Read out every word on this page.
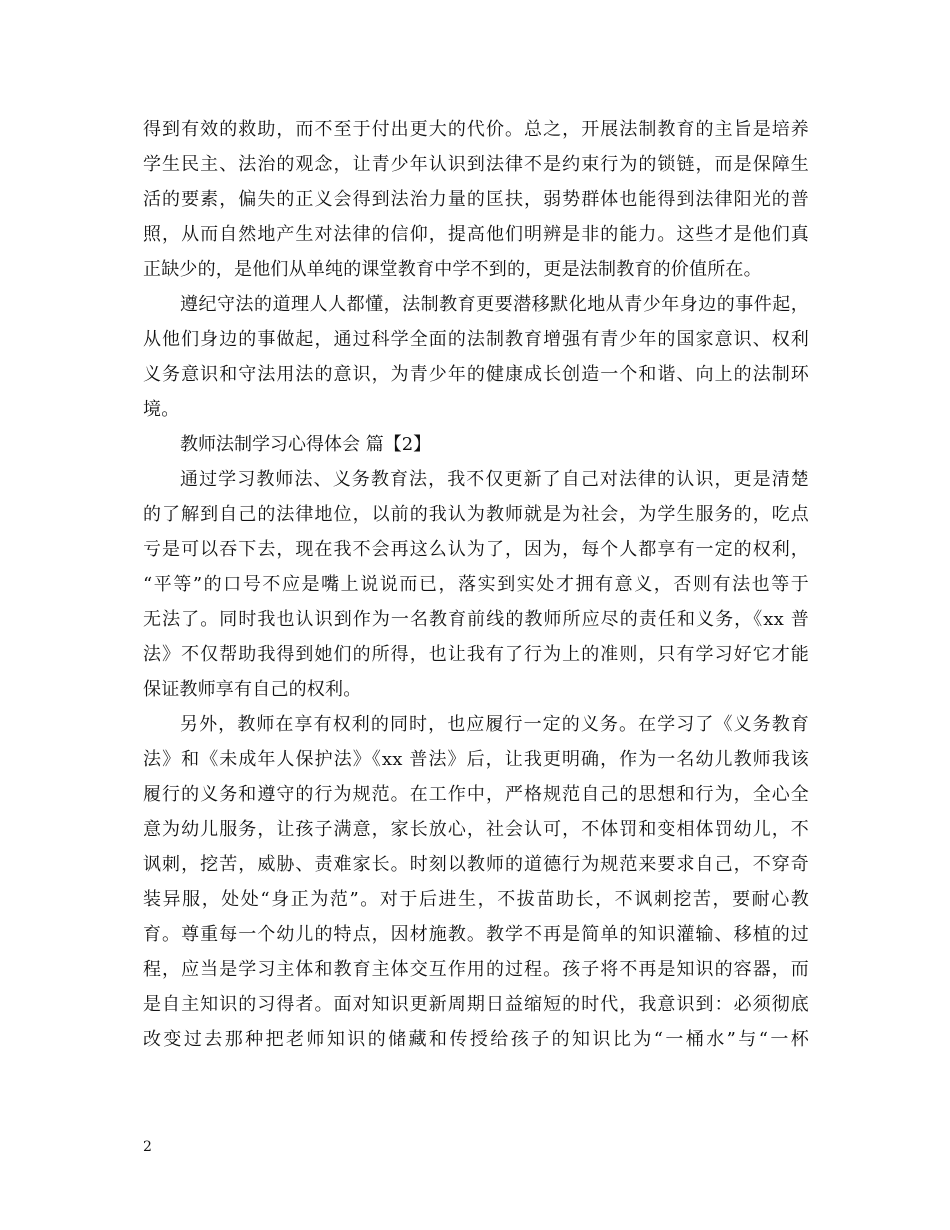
得到有效的救助，而不至于付出更大的代价。总之，开展法制教育的主旨是培养
学生民主、法治的观念，让青少年认识到法律不是约束行为的锁链，而是保障生
活的要素，偏失的正义会得到法治力量的匡扶，弱势群体也能得到法律阳光的普
照，从而自然地产生对法律的信仰，提高他们明辨是非的能力。这些才是他们真
正缺少的，是他们从单纯的课堂教育中学不到的，更是法制教育的价值所在。
遵纪守法的道理人人都懂，法制教育更要潜移默化地从青少年身边的事件起，
从他们身边的事做起，通过科学全面的法制教育增强有青少年的国家意识、权利
义务意识和守法用法的意识，为青少年的健康成长创造一个和谐、向上的法制环
境。
教师法制学习心得体会 篇【2】
通过学习教师法、义务教育法，我不仅更新了自己对法律的认识，更是清楚
的了解到自己的法律地位，以前的我认为教师就是为社会，为学生服务的，吃点
亏是可以吞下去，现在我不会再这么认为了，因为，每个人都享有一定的权利，
“平等”的口号不应是嘴上说说而已，落实到实处才拥有意义，否则有法也等于
无法了。同时我也认识到作为一名教育前线的教师所应尽的责任和义务，《xx 普
法》不仅帮助我得到她们的所得，也让我有了行为上的准则，只有学习好它才能
保证教师享有自己的权利。
另外，教师在享有权利的同时，也应履行一定的义务。在学习了《义务教育
法》和《未成年人保护法》《xx 普法》后，让我更明确，作为一名幼儿教师我该
履行的义务和遵守的行为规范。在工作中，严格规范自己的思想和行为，全心全
意为幼儿服务，让孩子满意，家长放心，社会认可，不体罚和变相体罚幼儿，不
讽刺，挖苦，威胁、责难家长。时刻以教师的道德行为规范来要求自己，不穿奇
装异服，处处“身正为范”。对于后进生，不拔苗助长，不讽刺挖苦，要耐心教
育。尊重每一个幼儿的特点，因材施教。教学不再是简单的知识灌输、移植的过
程，应当是学习主体和教育主体交互作用的过程。孩子将不再是知识的容器，而
是自主知识的习得者。面对知识更新周期日益缩短的时代，我意识到：必须彻底
改变过去那种把老师知识的储藏和传授给孩子的知识比为“一桶水”与“一杯
2
